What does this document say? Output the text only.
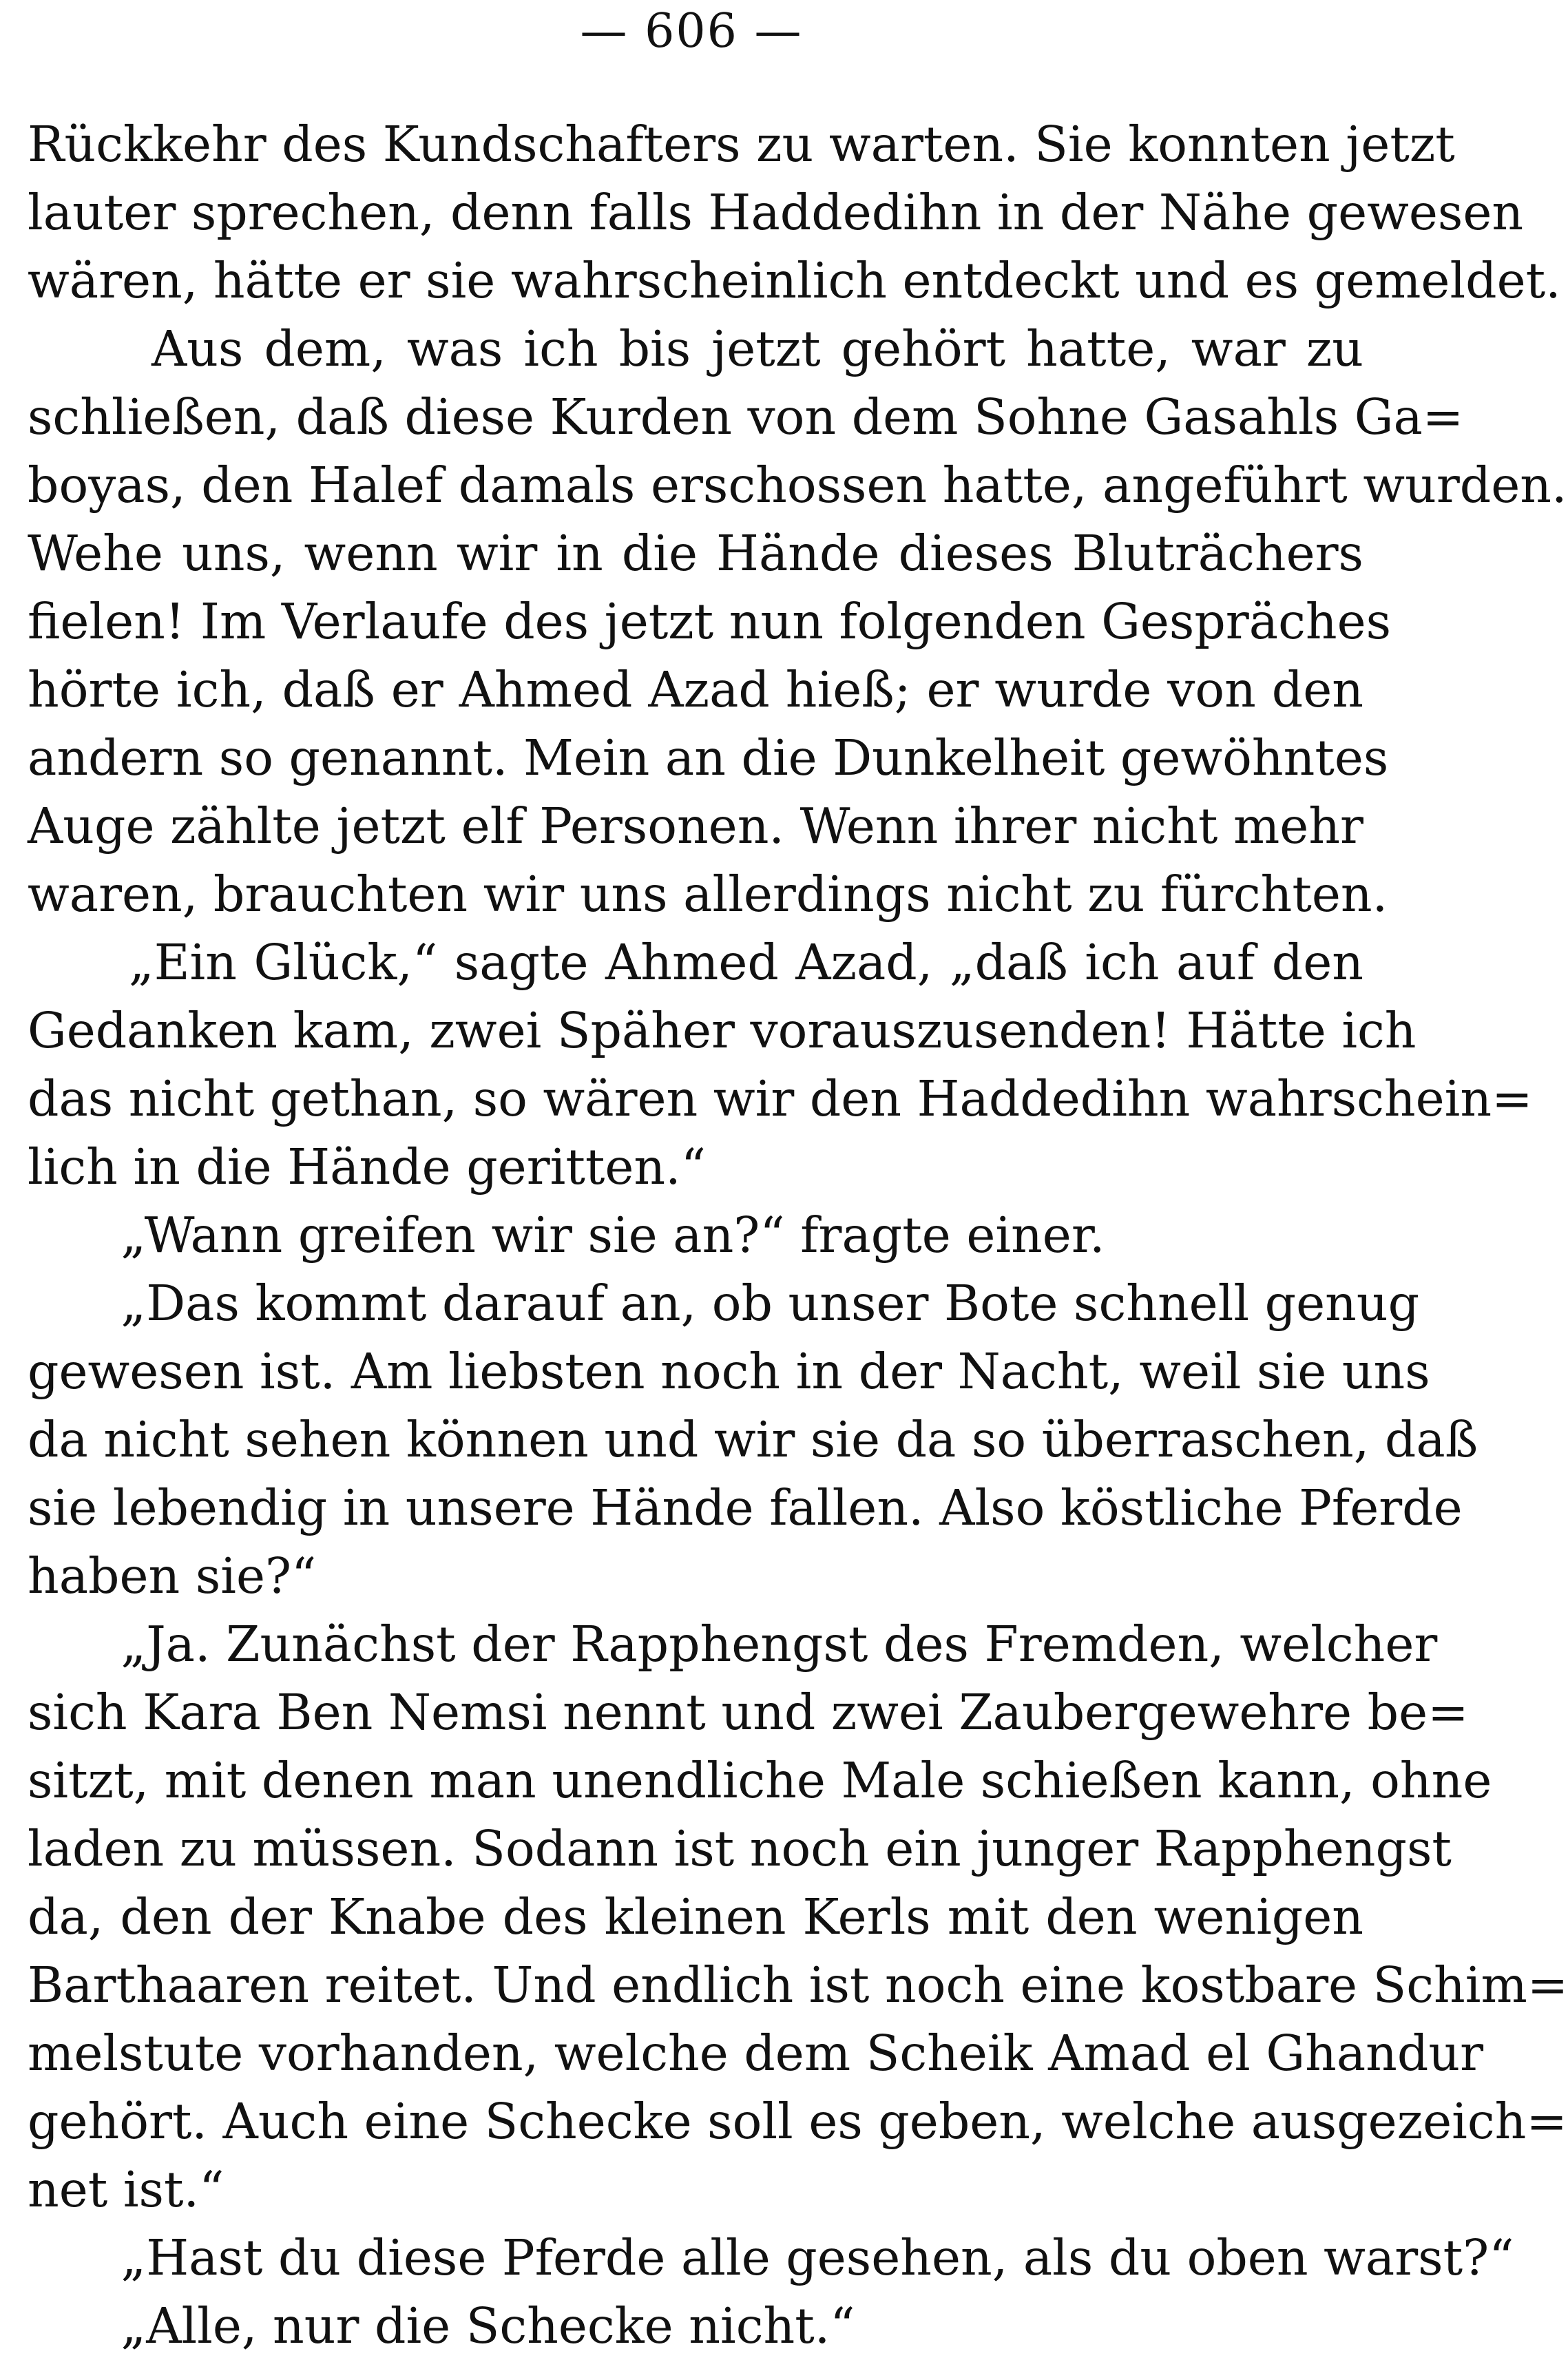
— 606 —
Rückkehr des Kundschafters zu warten. Sie konnten jetzt
lauter sprechen, denn falls Haddedihn in der Nähe gewesen
wären, hätte er sie wahrscheinlich entdeckt und es gemeldet.
Aus dem, was ich bis jetzt gehört hatte, war zu
schließen, daß diese Kurden von dem Sohne Gasahls Ga=
boyas, den Halef damals erschossen hatte, angeführt wurden.
Wehe uns, wenn wir in die Hände dieses Bluträchers
fielen! Im Verlaufe des jetzt nun folgenden Gespräches
hörte ich, daß er Ahmed Azad hieß; er wurde von den
andern so genannt. Mein an die Dunkelheit gewöhntes
Auge zählte jetzt elf Personen. Wenn ihrer nicht mehr
waren, brauchten wir uns allerdings nicht zu fürchten.
„Ein Glück,“ sagte Ahmed Azad, „daß ich auf den
Gedanken kam, zwei Späher vorauszusenden! Hätte ich
das nicht gethan, so wären wir den Haddedihn wahrschein=
lich in die Hände geritten.“
„Wann greifen wir sie an?“ fragte einer.
„Das kommt darauf an, ob unser Bote schnell genug
gewesen ist. Am liebsten noch in der Nacht, weil sie uns
da nicht sehen können und wir sie da so überraschen, daß
sie lebendig in unsere Hände fallen. Also köstliche Pferde
haben sie?“
„Ja. Zunächst der Rapphengst des Fremden, welcher
sich Kara Ben Nemsi nennt und zwei Zaubergewehre be=
sitzt, mit denen man unendliche Male schießen kann, ohne
laden zu müssen. Sodann ist noch ein junger Rapphengst
da, den der Knabe des kleinen Kerls mit den wenigen
Barthaaren reitet. Und endlich ist noch eine kostbare Schim=
melstute vorhanden, welche dem Scheik Amad el Ghandur
gehört. Auch eine Schecke soll es geben, welche ausgezeich=
net ist.“
„Hast du diese Pferde alle gesehen, als du oben warst?“
„Alle, nur die Schecke nicht.“
